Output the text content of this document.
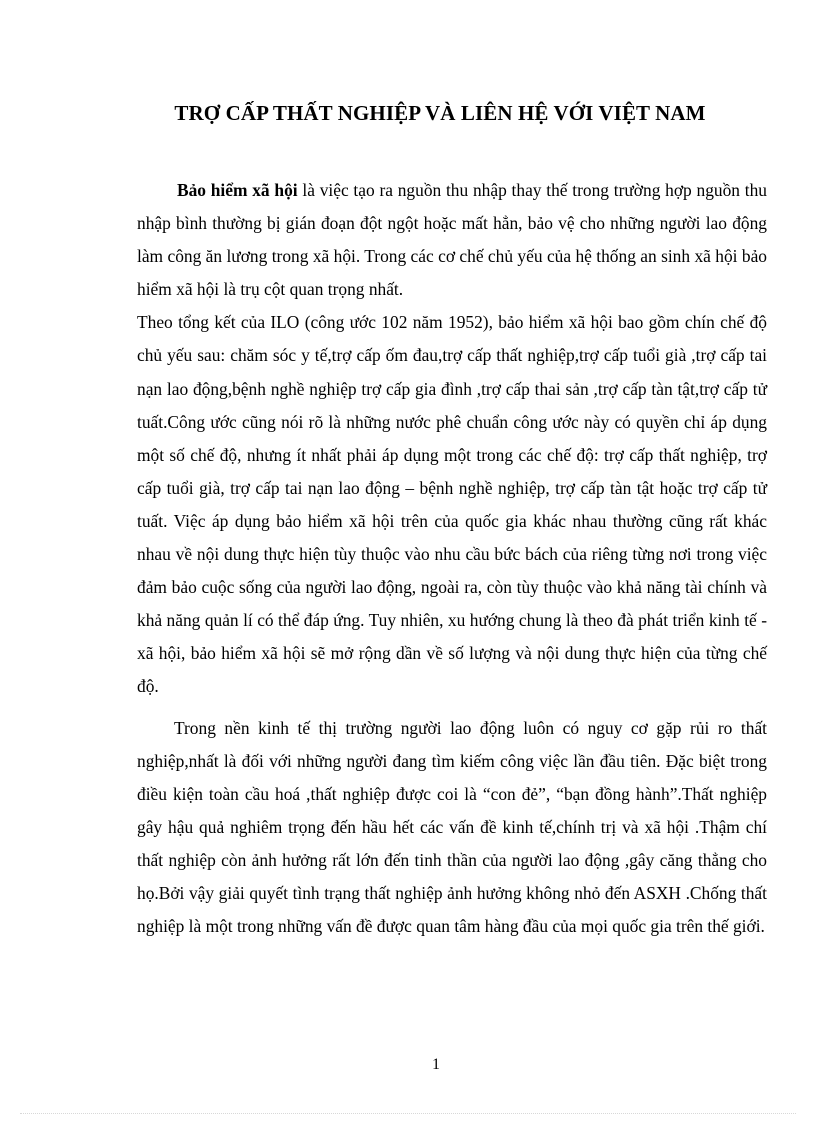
TRỢ CẤP THẤT NGHIỆP VÀ LIÊN HỆ VỚI VIỆT NAM

Bảo hiểm xã hội là việc tạo ra nguồn thu nhập thay thế trong trường hợp nguồn thu nhập bình thường bị gián đoạn đột ngột hoặc mất hẳn, bảo vệ cho những người lao động làm công ăn lương trong xã hội. Trong các cơ chế chủ yếu của hệ thống an sinh xã hội bảo hiểm xã hội là trụ cột quan trọng nhất.

Theo tổng kết của ILO (công ước 102 năm 1952), bảo hiểm xã hội bao gồm chín chế độ chủ yếu sau: chăm sóc y tế,trợ cấp ốm đau,trợ cấp thất nghiệp,trợ cấp tuổi già ,trợ cấp tai nạn lao động,bệnh nghề nghiệp trợ cấp gia đình ,trợ cấp thai sản ,trợ cấp tàn tật,trợ cấp tử tuất.Công ước cũng nói rõ là những nước phê chuẩn công ước này có quyền chỉ áp dụng một số chế độ, nhưng ít nhất phải áp dụng một trong các chế độ: trợ cấp thất nghiệp, trợ cấp tuổi già, trợ cấp tai nạn lao động – bệnh nghề nghiệp, trợ cấp tàn tật hoặc trợ cấp tử tuất. Việc áp dụng bảo hiểm xã hội trên của quốc gia khác nhau thường cũng rất khác nhau về nội dung thực hiện tùy thuộc vào nhu cầu bức bách của riêng từng nơi trong việc đảm bảo cuộc sống của người lao động, ngoài ra, còn tùy thuộc vào khả năng tài chính và khả năng quản lí có thể đáp ứng. Tuy nhiên, xu hướng chung là theo đà phát triển kinh tế - xã hội, bảo hiểm xã hội sẽ mở rộng dần về số lượng và nội dung thực hiện của từng chế độ.

Trong nền kinh tế thị trường người lao động luôn có nguy cơ gặp rủi ro thất nghiệp,nhất là đối với những người đang tìm kiếm công việc lần đầu tiên. Đặc biệt trong điều kiện toàn cầu hoá ,thất nghiệp được coi là “con đẻ”, “bạn đồng hành”.Thất nghiệp gây hậu quả nghiêm trọng đến hầu hết các vấn đề kinh tế,chính trị và xã hội .Thậm chí thất nghiệp còn ảnh hưởng rất lớn đến tinh thần của người lao động ,gây căng thẳng cho họ.Bởi vậy giải quyết tình trạng thất nghiệp ảnh hưởng không nhỏ đến ASXH .Chống thất nghiệp là một trong những vấn đề được quan tâm hàng đầu của mọi quốc gia trên thế giới.

1
